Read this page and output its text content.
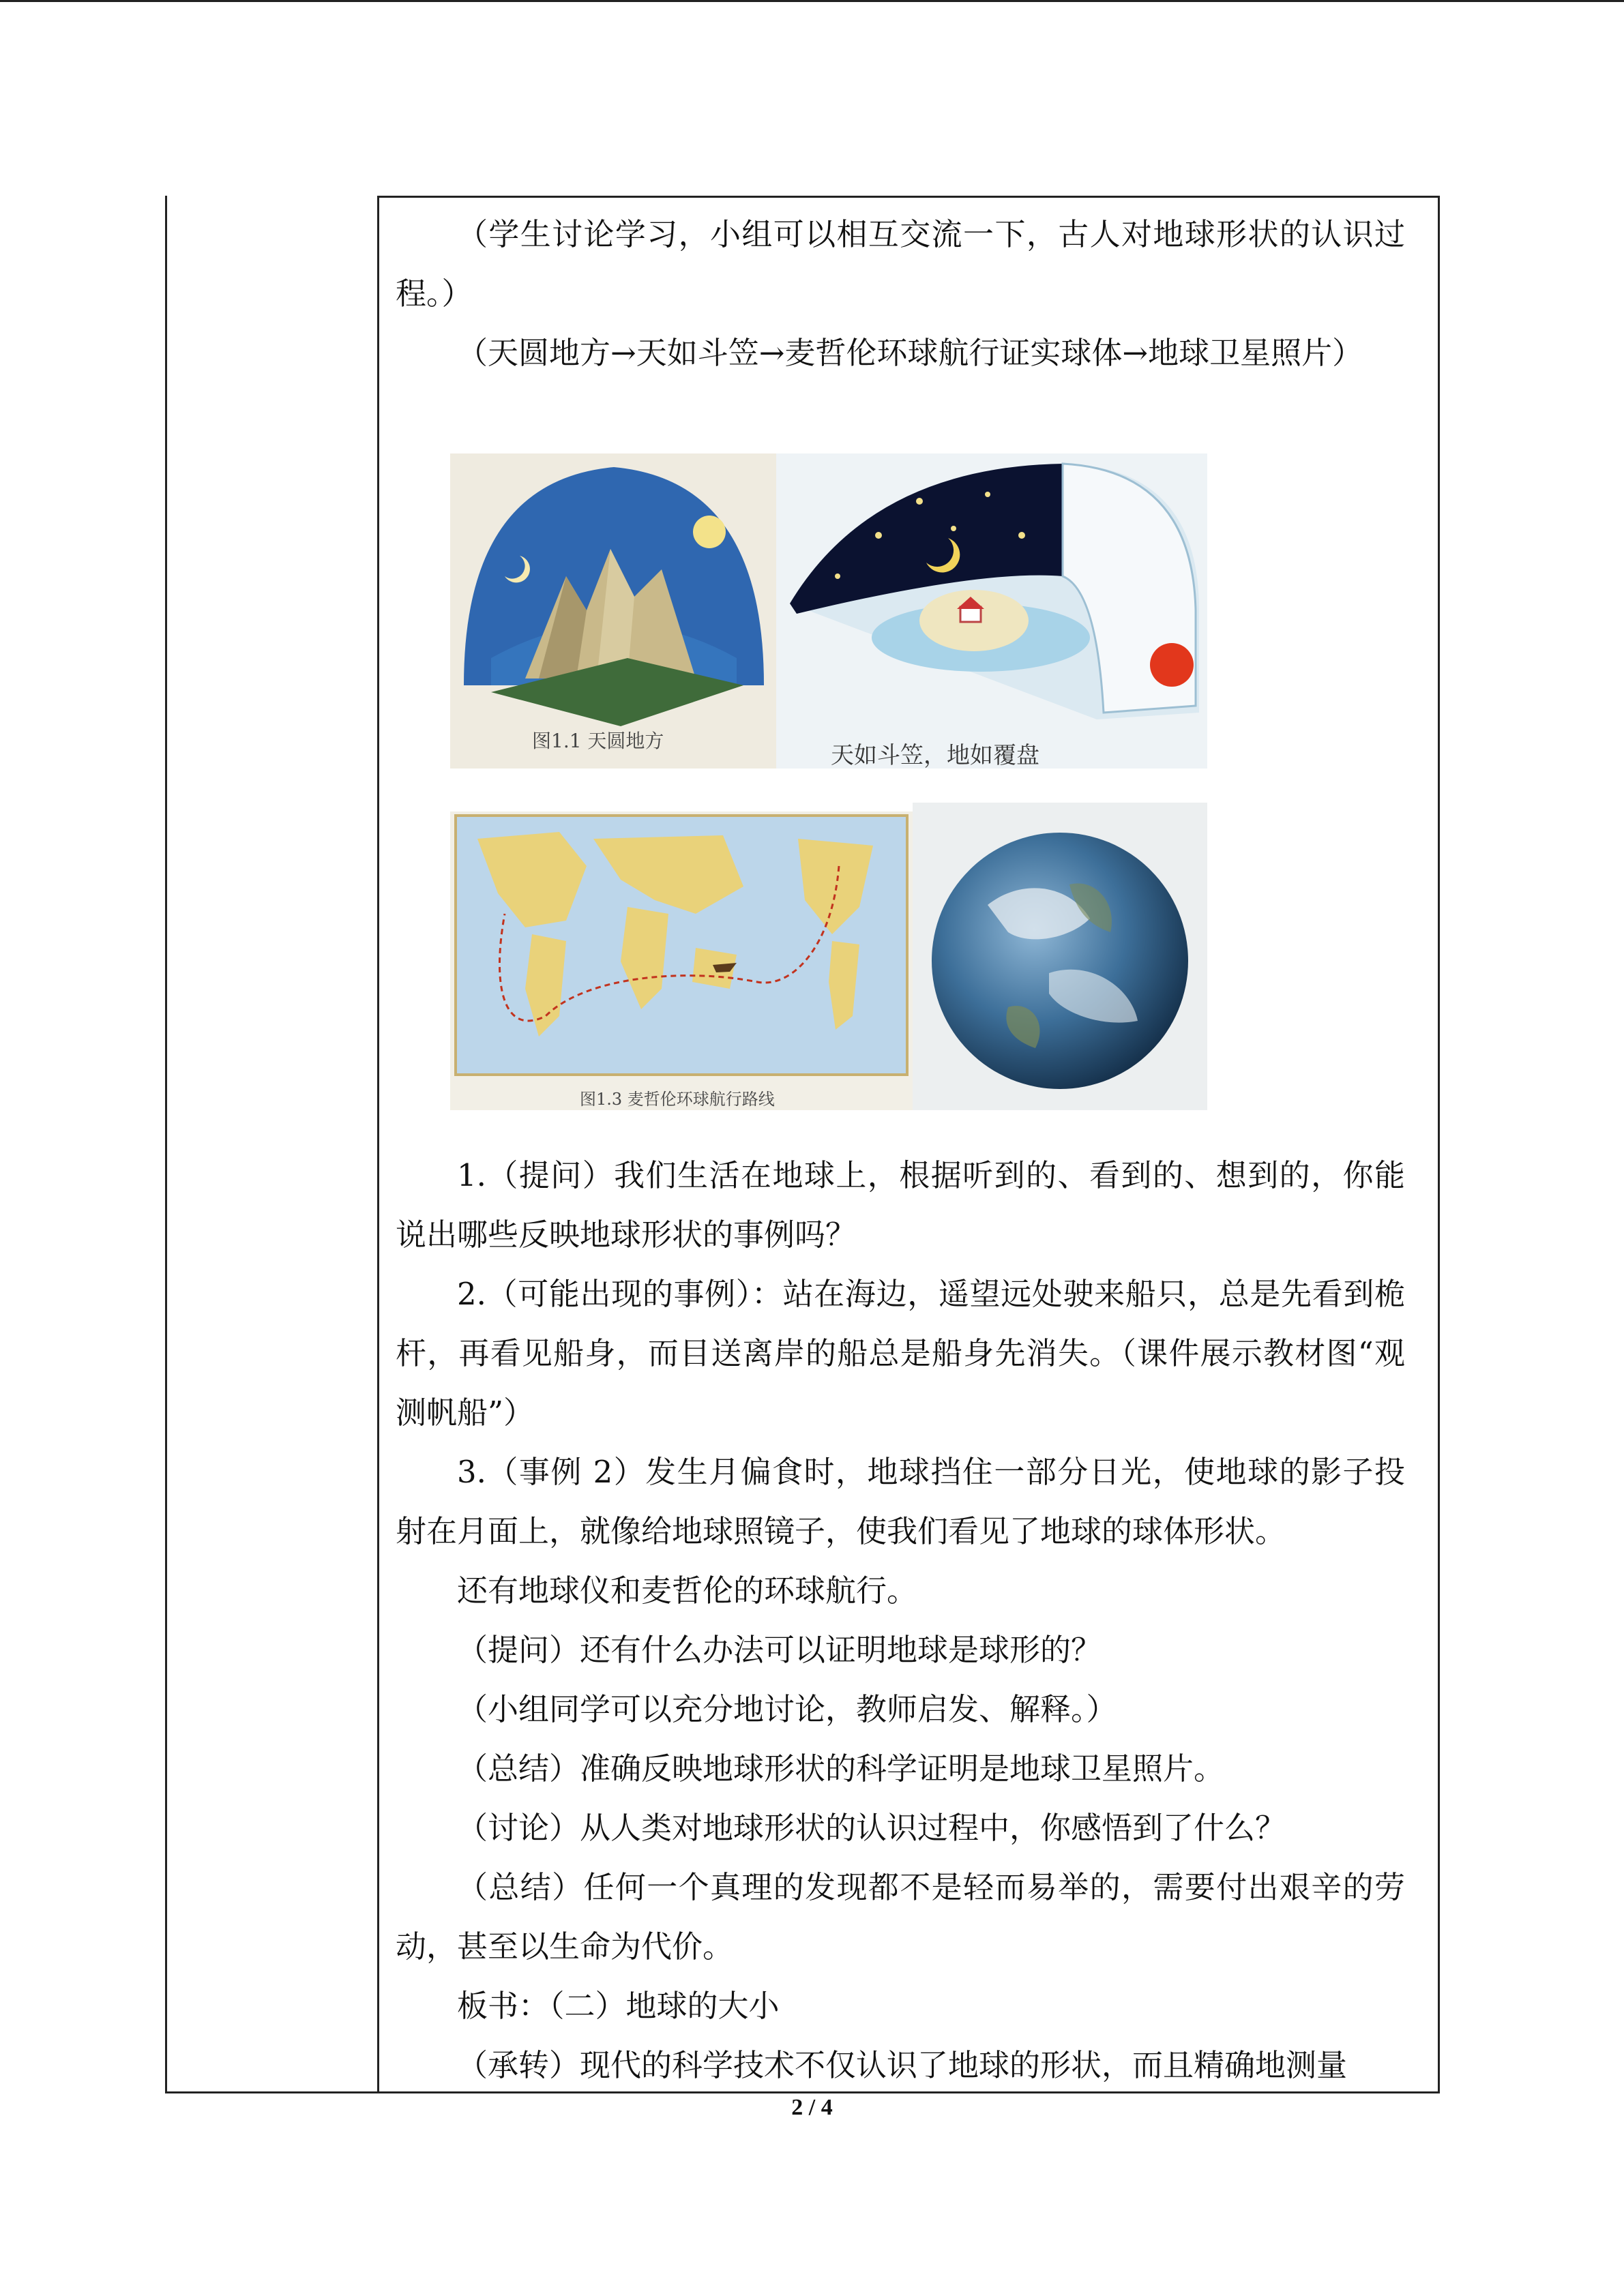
（学生讨论学习，小组可以相互交流一下，古人对地球形状的认识过程。）

（天圆地方→天如斗笠→麦哲伦环球航行证实球体→地球卫星照片）

图1.1 天圆地方
天如斗笠，地如覆盘
图1.3 麦哲伦环球航行路线

1.（提问）我们生活在地球上，根据听到的、看到的、想到的，你能说出哪些反映地球形状的事例吗？

2.（可能出现的事例）：站在海边，遥望远处驶来船只，总是先看到桅杆，再看见船身，而目送离岸的船总是船身先消失。（课件展示教材图“观测帆船”）

3.（事例 2）发生月偏食时，地球挡住一部分日光，使地球的影子投射在月面上，就像给地球照镜子，使我们看见了地球的球体形状。

还有地球仪和麦哲伦的环球航行。

（提问）还有什么办法可以证明地球是球形的？

（小组同学可以充分地讨论，教师启发、解释。）

（总结）准确反映地球形状的科学证明是地球卫星照片。

（讨论）从人类对地球形状的认识过程中，你感悟到了什么？

（总结）任何一个真理的发现都不是轻而易举的，需要付出艰辛的劳动，甚至以生命为代价。

板书：（二）地球的大小

（承转）现代的科学技术不仅认识了地球的形状，而且精确地测量

2 / 4
